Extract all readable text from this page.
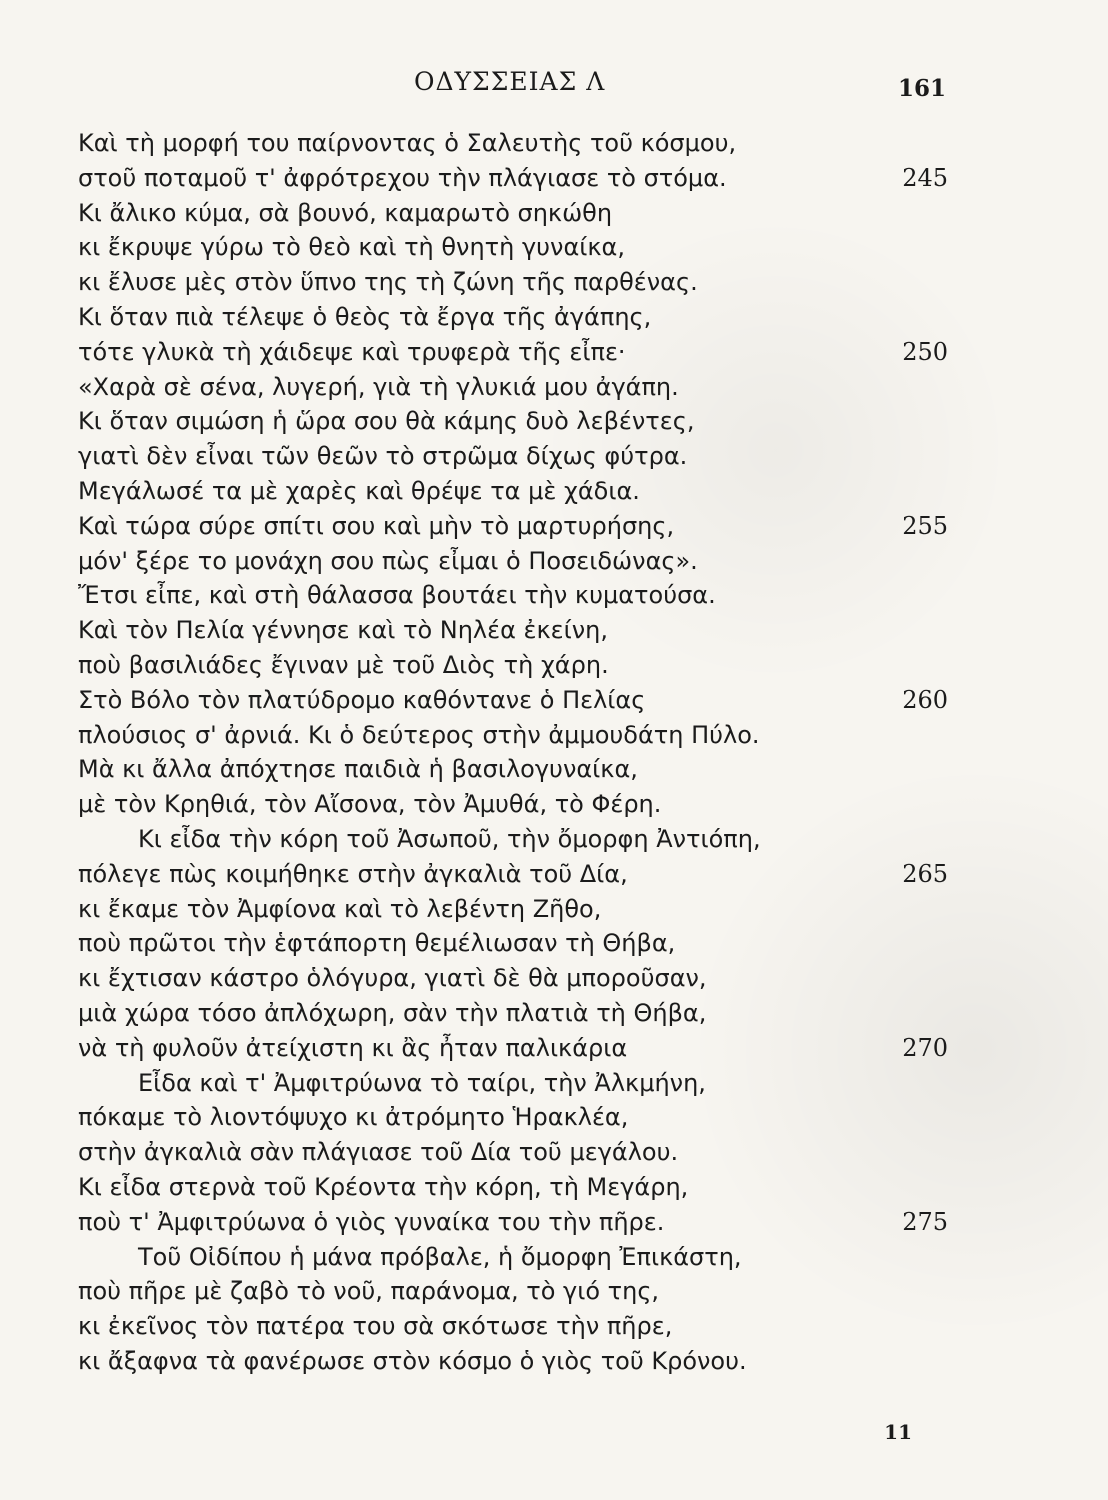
ΟΔΥΣΣΕΙΑΣ Λ	161
Καὶ τὴ μορφή του παίρνοντας ὁ Σαλευτὴς τοῦ κόσμου,
στοῦ ποταμοῦ τ' ἀφρότρεχου τὴν πλάγιασε τὸ στόμα.	245
Κι ἄλικο κύμα, σὰ βουνό, καμαρωτὸ σηκώθη
κι ἔκρυψε γύρω τὸ θεὸ καὶ τὴ θνητὴ γυναίκα,
κι ἔλυσε μὲς στὸν ὕπνο της τὴ ζώνη τῆς παρθένας.
Κι ὅταν πιὰ τέλεψε ὁ θεὸς τὰ ἔργα τῆς ἀγάπης,
τότε γλυκὰ τὴ χάιδεψε καὶ τρυφερὰ τῆς εἶπε·	250
«Χαρὰ σὲ σένα, λυγερή, γιὰ τὴ γλυκιά μου ἀγάπη.
Κι ὅταν σιμώση ἡ ὥρα σου θὰ κάμης δυὸ λεβέντες,
γιατὶ δὲν εἶναι τῶν θεῶν τὸ στρῶμα δίχως φύτρα.
Μεγάλωσέ τα μὲ χαρὲς καὶ θρέψε τα μὲ χάδια.
Καὶ τώρα σύρε σπίτι σου καὶ μὴν τὸ μαρτυρήσης,	255
μόν' ξέρε το μονάχη σου πὼς εἶμαι ὁ Ποσειδώνας».
Ἔτσι εἶπε, καὶ στὴ θάλασσα βουτάει τὴν κυματούσα.
Καὶ τὸν Πελία γέννησε καὶ τὸ Νηλέα ἐκείνη,
ποὺ βασιλιάδες ἔγιναν μὲ τοῦ Διὸς τὴ χάρη.
Στὸ Βόλο τὸν πλατύδρομο καθόντανε ὁ Πελίας	260
πλούσιος σ' ἀρνιά. Κι ὁ δεύτερος στὴν ἀμμουδάτη Πύλο.
Μὰ κι ἄλλα ἀπόχτησε παιδιὰ ἡ βασιλογυναίκα,
μὲ τὸν Κρηθιά, τὸν Αἴσονα, τὸν Ἀμυθά, τὸ Φέρη.
Κι εἶδα τὴν κόρη τοῦ Ἀσωποῦ, τὴν ὄμορφη Ἀντιόπη,
πόλεγε πὼς κοιμήθηκε στὴν ἀγκαλιὰ τοῦ Δία,	265
κι ἔκαμε τὸν Ἀμφίονα καὶ τὸ λεβέντη Ζῆθο,
ποὺ πρῶτοι τὴν ἑφτάπορτη θεμέλιωσαν τὴ Θήβα,
κι ἔχτισαν κάστρο ὁλόγυρα, γιατὶ δὲ θὰ μποροῦσαν,
μιὰ χώρα τόσο ἀπλόχωρη, σὰν τὴν πλατιὰ τὴ Θήβα,
νὰ τὴ φυλοῦν ἀτείχιστη κι ἂς ἦταν παλικάρια	270
Εἶδα καὶ τ' Ἀμφιτρύωνα τὸ ταίρι, τὴν Ἀλκμήνη,
πόκαμε τὸ λιοντόψυχο κι ἀτρόμητο Ἡρακλέα,
στὴν ἀγκαλιὰ σὰν πλάγιασε τοῦ Δία τοῦ μεγάλου.
Κι εἶδα στερνὰ τοῦ Κρέοντα τὴν κόρη, τὴ Μεγάρη,
ποὺ τ' Ἀμφιτρύωνα ὁ γιὸς γυναίκα του τὴν πῆρε.	275
Τοῦ Οἰδίπου ἡ μάνα πρόβαλε, ἡ ὄμορφη Ἐπικάστη,
ποὺ πῆρε μὲ ζαβὸ τὸ νοῦ, παράνομα, τὸ γιό της,
κι ἐκεῖνος τὸν πατέρα του σὰ σκότωσε τὴν πῆρε,
κι ἄξαφνα τὰ φανέρωσε στὸν κόσμο ὁ γιὸς τοῦ Κρόνου.
11
